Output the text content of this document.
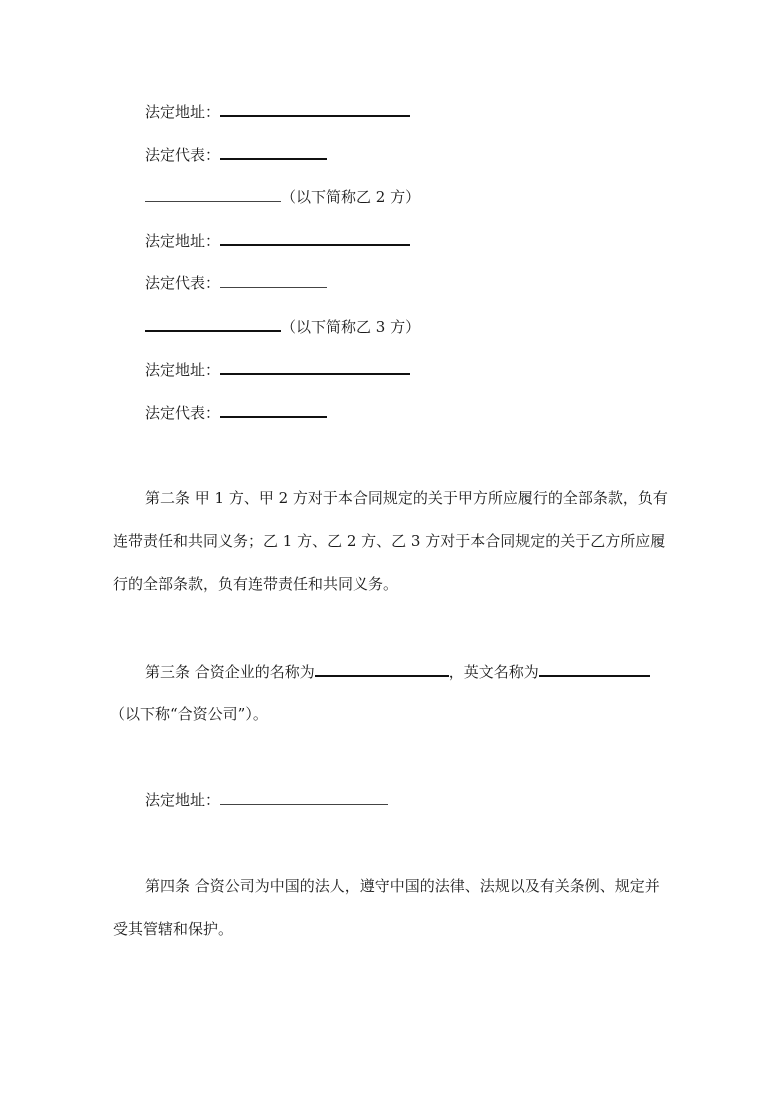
法定地址：
法定代表：
（以下简称乙 2 方）
法定地址：
法定代表：
（以下简称乙 3 方）
法定地址：
法定代表：
第二条 甲 1 方、甲 2 方对于本合同规定的关于甲方所应履行的全部条款，负有
连带责任和共同义务；乙 1 方、乙 2 方、乙 3 方对于本合同规定的关于乙方所应履
行的全部条款，负有连带责任和共同义务。
第三条 合资企业的名称为	，英文名称为
（以下称“合资公司”）。
法定地址：
第四条 合资公司为中国的法人，遵守中国的法律、法规以及有关条例、规定并
受其管辖和保护。
